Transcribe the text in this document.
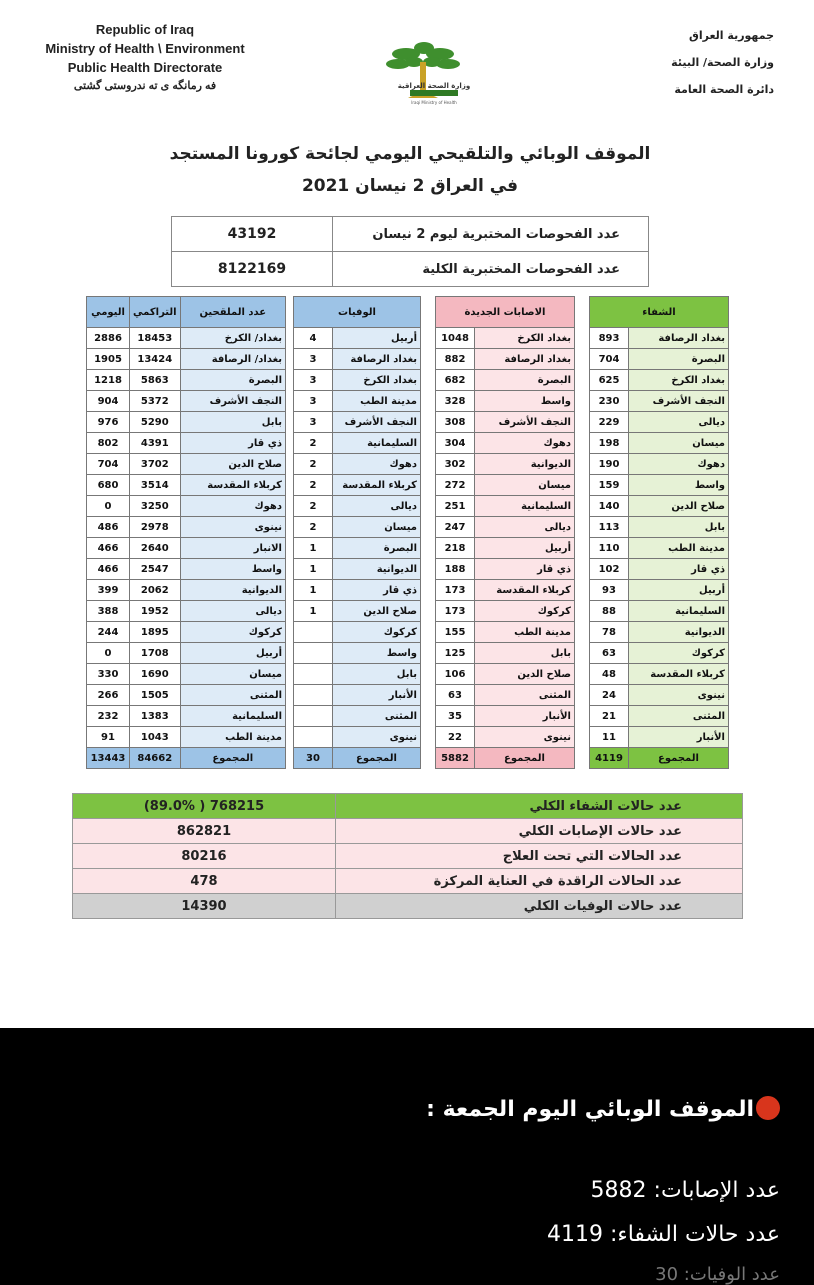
Republic of Iraq
Ministry of Health \ Environment
Public Health Directorate
فه رمانگه ی ته ندروستی گشتی	وزارة الصحة العراقية
Iraqi Ministry of Health
جمهورية العراق
وزارة الصحة/ البيئة
دائرة الصحة العامة
الموقف الوبائي والتلقيحي اليومي لجائحة كورونا المستجد
في العراق 2 نيسان 2021
43192	عدد الفحوصات المختبرية ليوم 2 نيسان
8122169	عدد الفحوصات المختبرية الكلية
اليومي	التراكمي	عدد الملقحين
2886	18453	بغداد/ الكرخ
1905	13424	بغداد/ الرصافة
1218	5863	البصرة
904	5372	النجف الأشرف
976	5290	بابل
802	4391	ذي قار
704	3702	صلاح الدين
680	3514	كربلاء المقدسة
0	3250	دهوك
486	2978	نينوى
466	2640	الانبار
466	2547	واسط
399	2062	الديوانية
388	1952	ديالى
244	1895	كركوك
0	1708	أربيل
330	1690	ميسان
266	1505	المثنى
232	1383	السليمانية
91	1043	مدينة الطب
13443	84662	المجموع
الوفيات	
4	أربيل
3	بغداد الرصافة
3	بغداد الكرخ
3	مدينة الطب
3	النجف الأشرف
2	السليمانية
2	دهوك
2	كربلاء المقدسة
2	ديالى
2	ميسان
1	البصرة
1	الديوانية
1	ذي قار
1	صلاح الدين
	كركوك
	واسط
	بابل
	الأنبار
	المثنى
	نينوى
30	المجموع
الاصابات الجديدة	
1048	بغداد الكرخ
882	بغداد الرصافة
682	البصرة
328	واسط
308	النجف الأشرف
304	دهوك
302	الديوانية
272	ميسان
251	السليمانية
247	ديالى
218	أربيل
188	ذي قار
173	كربلاء المقدسة
173	كركوك
155	مدينة الطب
125	بابل
106	صلاح الدين
63	المثنى
35	الأنبار
22	نينوى
5882	المجموع
الشفاء	
893	بغداد الرصافة
704	البصرة
625	بغداد الكرخ
230	النجف الأشرف
229	ديالى
198	ميسان
190	دهوك
159	واسط
140	صلاح الدين
113	بابل
110	مدينة الطب
102	ذي قار
93	أربيل
88	السليمانية
78	الديوانية
63	كركوك
48	كربلاء المقدسة
24	نينوى
21	المثنى
11	الأنبار
4119	المجموع
(89.0% ) 768215	عدد حالات الشفاء الكلي
862821	عدد حالات الإصابات الكلي
80216	عدد الحالات التي تحت العلاج
478	عدد الحالات الراقدة في العناية المركزة
14390	عدد حالات الوفيات الكلي
الموقف الوبائي اليوم الجمعة :
عدد الإصابات: 5882
عدد حالات الشفاء: 4119
عدد الوفيات: 30
